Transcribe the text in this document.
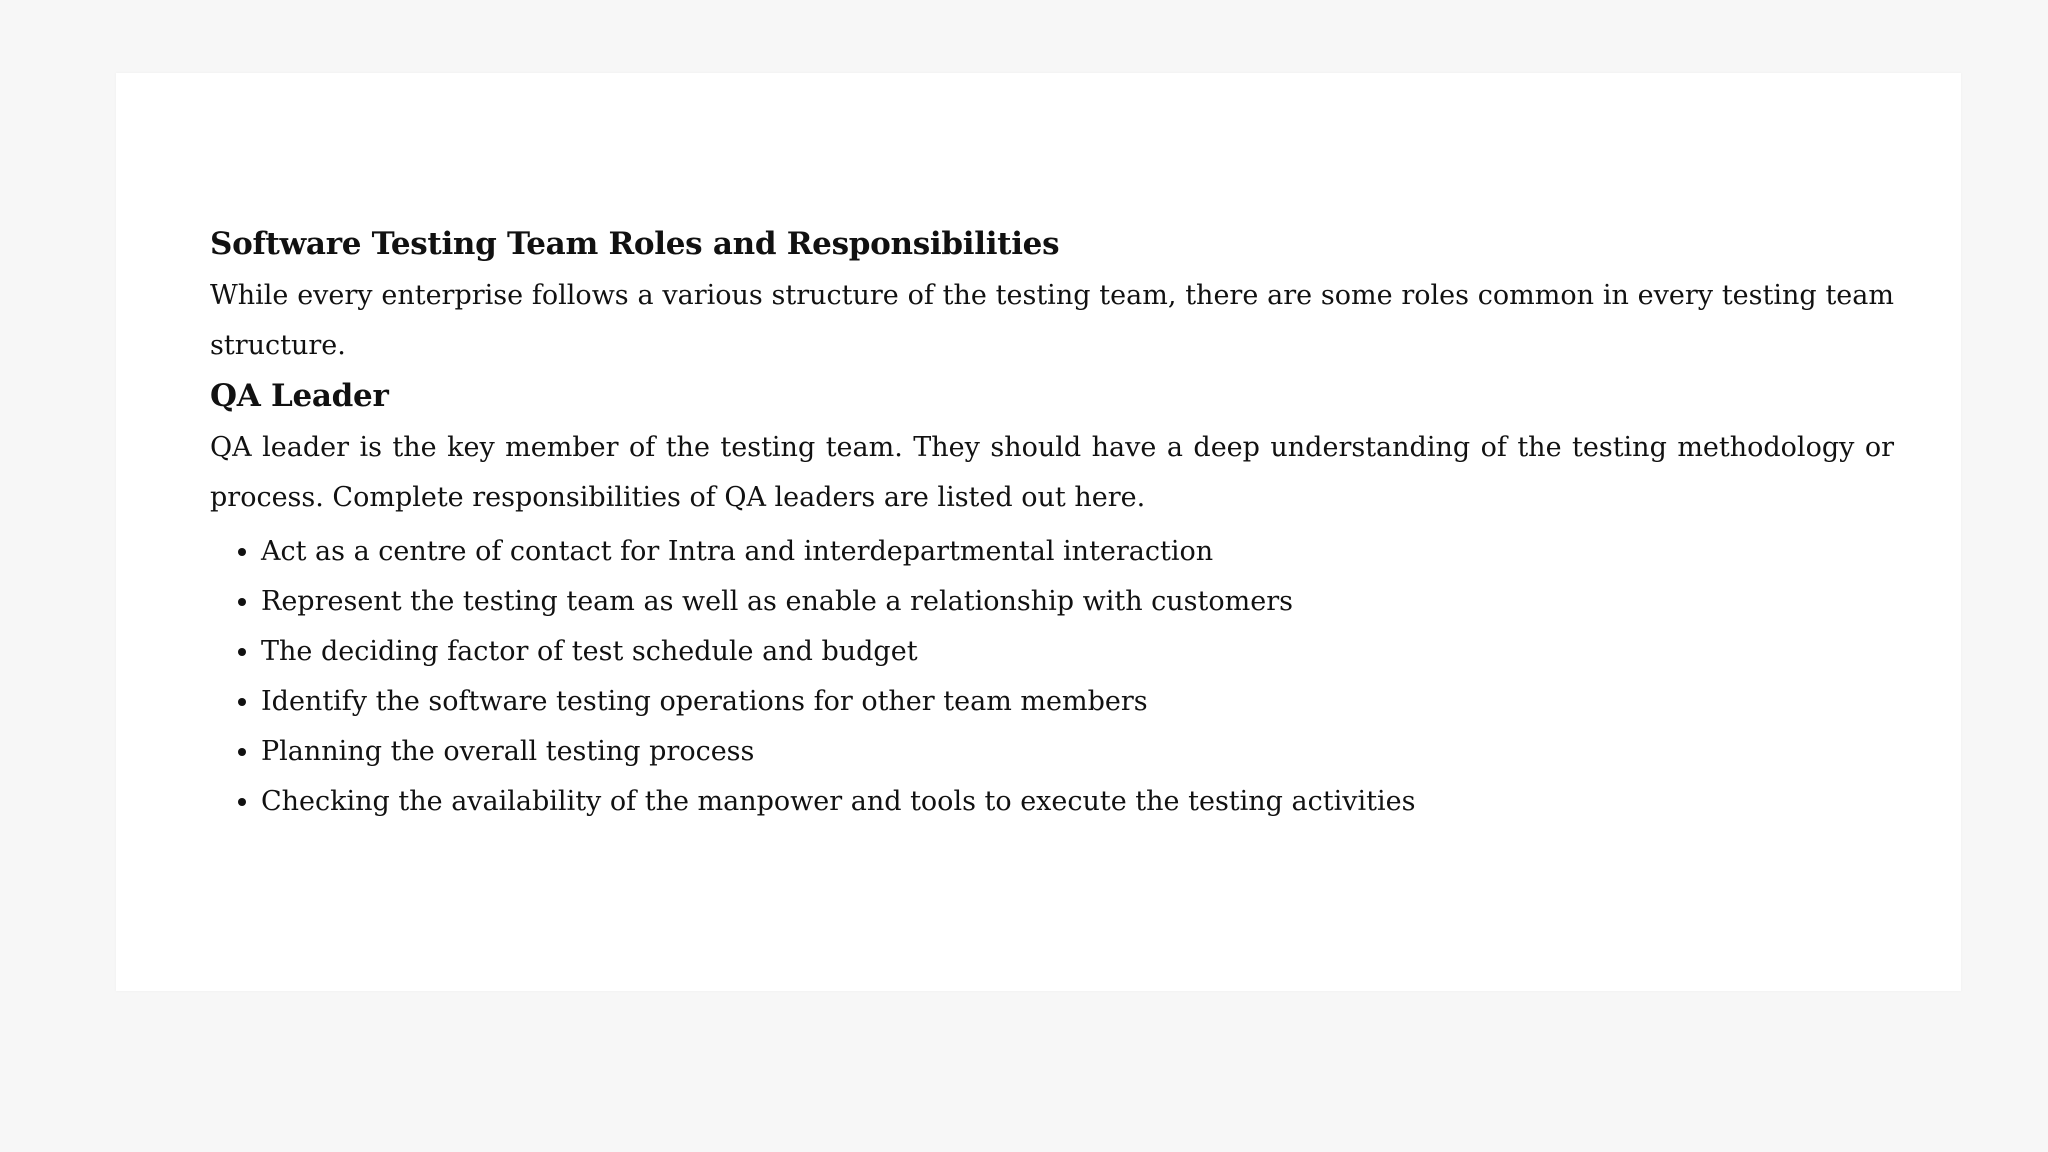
Software Testing Team Roles and Responsibilities

While every enterprise follows a various structure of the testing team, there are some roles common in every testing team structure.

QA Leader

QA leader is the key member of the testing team. They should have a deep understanding of the testing methodology or process. Complete responsibilities of QA leaders are listed out here.

• Act as a centre of contact for Intra and interdepartmental interaction
• Represent the testing team as well as enable a relationship with customers
• The deciding factor of test schedule and budget
• Identify the software testing operations for other team members
• Planning the overall testing process
• Checking the availability of the manpower and tools to execute the testing activities
